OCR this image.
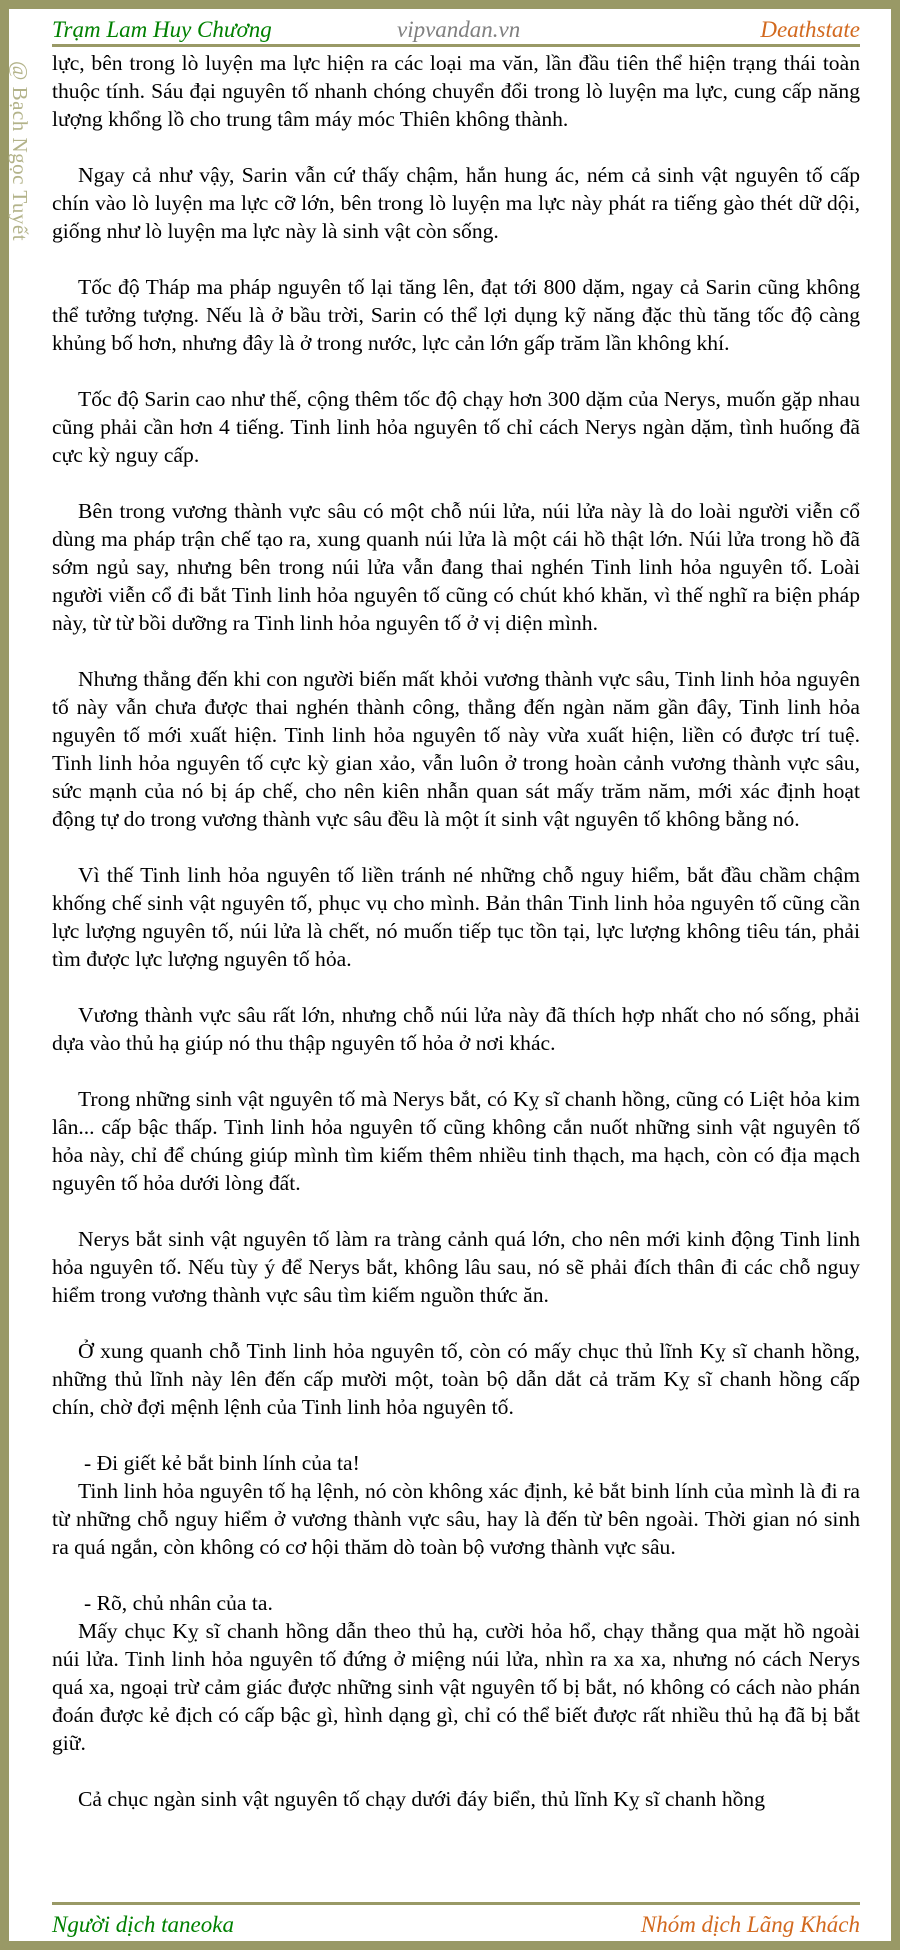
Trạm Lam Huy Chương	vipvandan.vn	Deathstate
@ Bạch Ngọc Tuyết lực, bên trong lò luyện ma lực hiện ra các loại ma văn, lần đầu tiên thể hiện trạng thái toàn thuộc tính. Sáu đại nguyên tố nhanh chóng chuyển đổi trong lò luyện ma lực, cung cấp năng lượng khổng lồ cho trung tâm máy móc Thiên không thành.

Ngay cả như vậy, Sarin vẫn cứ thấy chậm, hắn hung ác, ném cả sinh vật nguyên tố cấp chín vào lò luyện ma lực cỡ lớn, bên trong lò luyện ma lực này phát ra tiếng gào thét dữ dội, giống như lò luyện ma lực này là sinh vật còn sống.

Tốc độ Tháp ma pháp nguyên tố lại tăng lên, đạt tới 800 dặm, ngay cả Sarin cũng không thể tưởng tượng. Nếu là ở bầu trời, Sarin có thể lợi dụng kỹ năng đặc thù tăng tốc độ càng khủng bố hơn, nhưng đây là ở trong nước, lực cản lớn gấp trăm lần không khí.

Tốc độ Sarin cao như thế, cộng thêm tốc độ chạy hơn 300 dặm của Nerys, muốn gặp nhau cũng phải cần hơn 4 tiếng. Tinh linh hỏa nguyên tố chỉ cách Nerys ngàn dặm, tình huống đã cực kỳ nguy cấp.

Bên trong vương thành vực sâu có một chỗ núi lửa, núi lửa này là do loài người viễn cổ dùng ma pháp trận chế tạo ra, xung quanh núi lửa là một cái hồ thật lớn. Núi lửa trong hồ đã sớm ngủ say, nhưng bên trong núi lửa vẫn đang thai nghén Tinh linh hỏa nguyên tố. Loài người viễn cổ đi bắt Tinh linh hỏa nguyên tố cũng có chút khó khăn, vì thế nghĩ ra biện pháp này, từ từ bồi dưỡng ra Tinh linh hỏa nguyên tố ở vị diện mình.

Nhưng thẳng đến khi con người biến mất khỏi vương thành vực sâu, Tinh linh hỏa nguyên tố này vẫn chưa được thai nghén thành công, thẳng đến ngàn năm gần đây, Tinh linh hỏa nguyên tố mới xuất hiện. Tinh linh hỏa nguyên tố này vừa xuất hiện, liền có được trí tuệ. Tinh linh hỏa nguyên tố cực kỳ gian xảo, vẫn luôn ở trong hoàn cảnh vương thành vực sâu, sức mạnh của nó bị áp chế, cho nên kiên nhẫn quan sát mấy trăm năm, mới xác định hoạt động tự do trong vương thành vực sâu đều là một ít sinh vật nguyên tố không bằng nó.

Vì thế Tinh linh hỏa nguyên tố liền tránh né những chỗ nguy hiểm, bắt đầu chầm chậm khống chế sinh vật nguyên tố, phục vụ cho mình. Bản thân Tinh linh hỏa nguyên tố cũng cần lực lượng nguyên tố, núi lửa là chết, nó muốn tiếp tục tồn tại, lực lượng không tiêu tán, phải tìm được lực lượng nguyên tố hỏa.

Vương thành vực sâu rất lớn, nhưng chỗ núi lửa này đã thích hợp nhất cho nó sống, phải dựa vào thủ hạ giúp nó thu thập nguyên tố hỏa ở nơi khác.

Trong những sinh vật nguyên tố mà Nerys bắt, có Kỵ sĩ chanh hồng, cũng có Liệt hỏa kim lân... cấp bậc thấp. Tinh linh hỏa nguyên tố cũng không cắn nuốt những sinh vật nguyên tố hỏa này, chỉ để chúng giúp mình tìm kiếm thêm nhiều tinh thạch, ma hạch, còn có địa mạch nguyên tố hỏa dưới lòng đất.

Nerys bắt sinh vật nguyên tố làm ra tràng cảnh quá lớn, cho nên mới kinh động Tinh linh hỏa nguyên tố. Nếu tùy ý để Nerys bắt, không lâu sau, nó sẽ phải đích thân đi các chỗ nguy hiểm trong vương thành vực sâu tìm kiếm nguồn thức ăn.

Ở xung quanh chỗ Tinh linh hỏa nguyên tố, còn có mấy chục thủ lĩnh Kỵ sĩ chanh hồng, những thủ lĩnh này lên đến cấp mười một, toàn bộ dẫn dắt cả trăm Kỵ sĩ chanh hồng cấp chín, chờ đợi mệnh lệnh của Tinh linh hỏa nguyên tố.

- Đi giết kẻ bắt binh lính của ta!

Tinh linh hỏa nguyên tố hạ lệnh, nó còn không xác định, kẻ bắt binh lính của mình là đi ra từ những chỗ nguy hiểm ở vương thành vực sâu, hay là đến từ bên ngoài. Thời gian nó sinh ra quá ngắn, còn không có cơ hội thăm dò toàn bộ vương thành vực sâu.

- Rõ, chủ nhân của ta.

Mấy chục Kỵ sĩ chanh hồng dẫn theo thủ hạ, cười hỏa hổ, chạy thẳng qua mặt hồ ngoài núi lửa. Tinh linh hỏa nguyên tố đứng ở miệng núi lửa, nhìn ra xa xa, nhưng nó cách Nerys quá xa, ngoại trừ cảm giác được những sinh vật nguyên tố bị bắt, nó không có cách nào phán đoán được kẻ địch có cấp bậc gì, hình dạng gì, chỉ có thể biết được rất nhiều thủ hạ đã bị bắt giữ.

Cả chục ngàn sinh vật nguyên tố chạy dưới đáy biển, thủ lĩnh Kỵ sĩ chanh hồng

Người dịch taneoka	Nhóm dịch Lãng Khách
